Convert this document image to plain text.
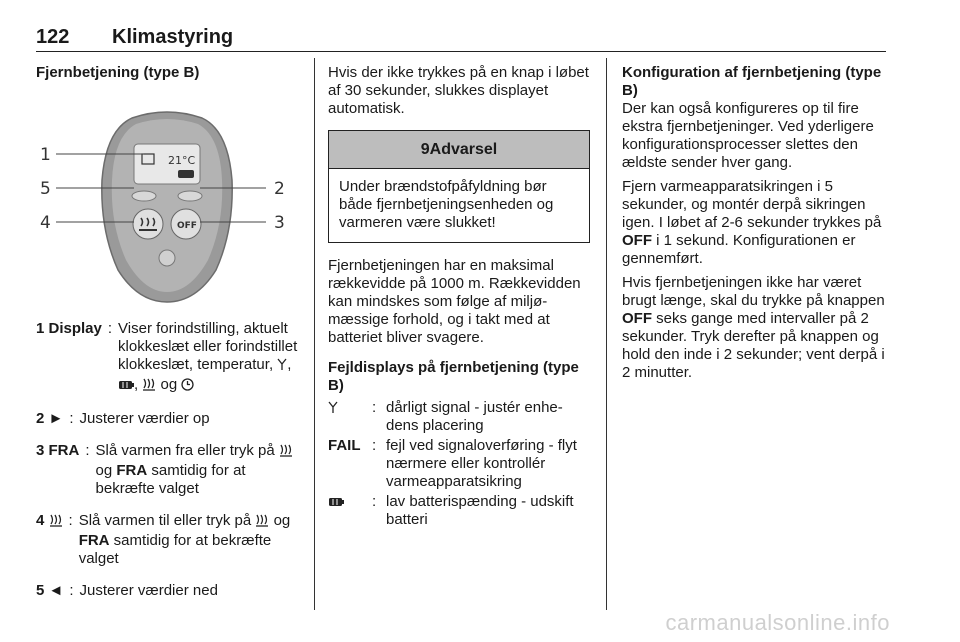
122 Klimastyring
Fjernbetjening (type B)
21°C
OFF
1
5
4
2
3
1 Display : Viser forindstilling, aktuelt klokkeslæt eller forindstillet klokkeslæt, temperatur, , ,  og
2 ► : Justerer værdier op
3 FRA : Slå varmen fra eller tryk på  og FRA samtidig for at bekræfte valget
4	: Slå varmen til eller tryk på  og FRA samtidig for at bekræfte valget
5 ◄ : Justerer værdier ned

Hvis der ikke trykkes på en knap i løbet af 30 sekunder, slukkes displayet automatisk.

9Advarsel
Under brændstofpåfyldning bør både fjernbetjeningsenheden og varmeren være slukket!

Fjernbetjeningen har en maksimal rækkevidde på 1000 m. Rækkevidden kan mindskes som følge af miljømæssige forhold, og i takt med at batteriet bliver svagere.

Fejldisplays på fjernbetjening (type B)
: dårligt signal - justér enhedens placering
FAIL : fejl ved signaloverføring - flyt nærmere eller kontrollér varmeapparatsikring
: lav batterispænding - udskift batteri
Konfiguration af fjernbetjening (type B)

Der kan også konfigureres op til fire ekstra fjernbetjeninger. Ved yderligere konfigurationsprocesser slettes den ældste sender hver gang.

Fjern varmeapparatsikringen i 5 sekunder, og montér derpå sikringen igen. I løbet af 2-6 sekunder trykkes på OFF i 1 sekund. Konfigurationen er gennemført.

Hvis fjernbetjeningen ikke har været brugt længe, skal du trykke på knappen OFF seks gange med intervaller på 2 sekunder. Tryk derefter på knappen og hold den inde i 2 sekunder; vent derpå i 2 minutter.

carmanualsonline.info
